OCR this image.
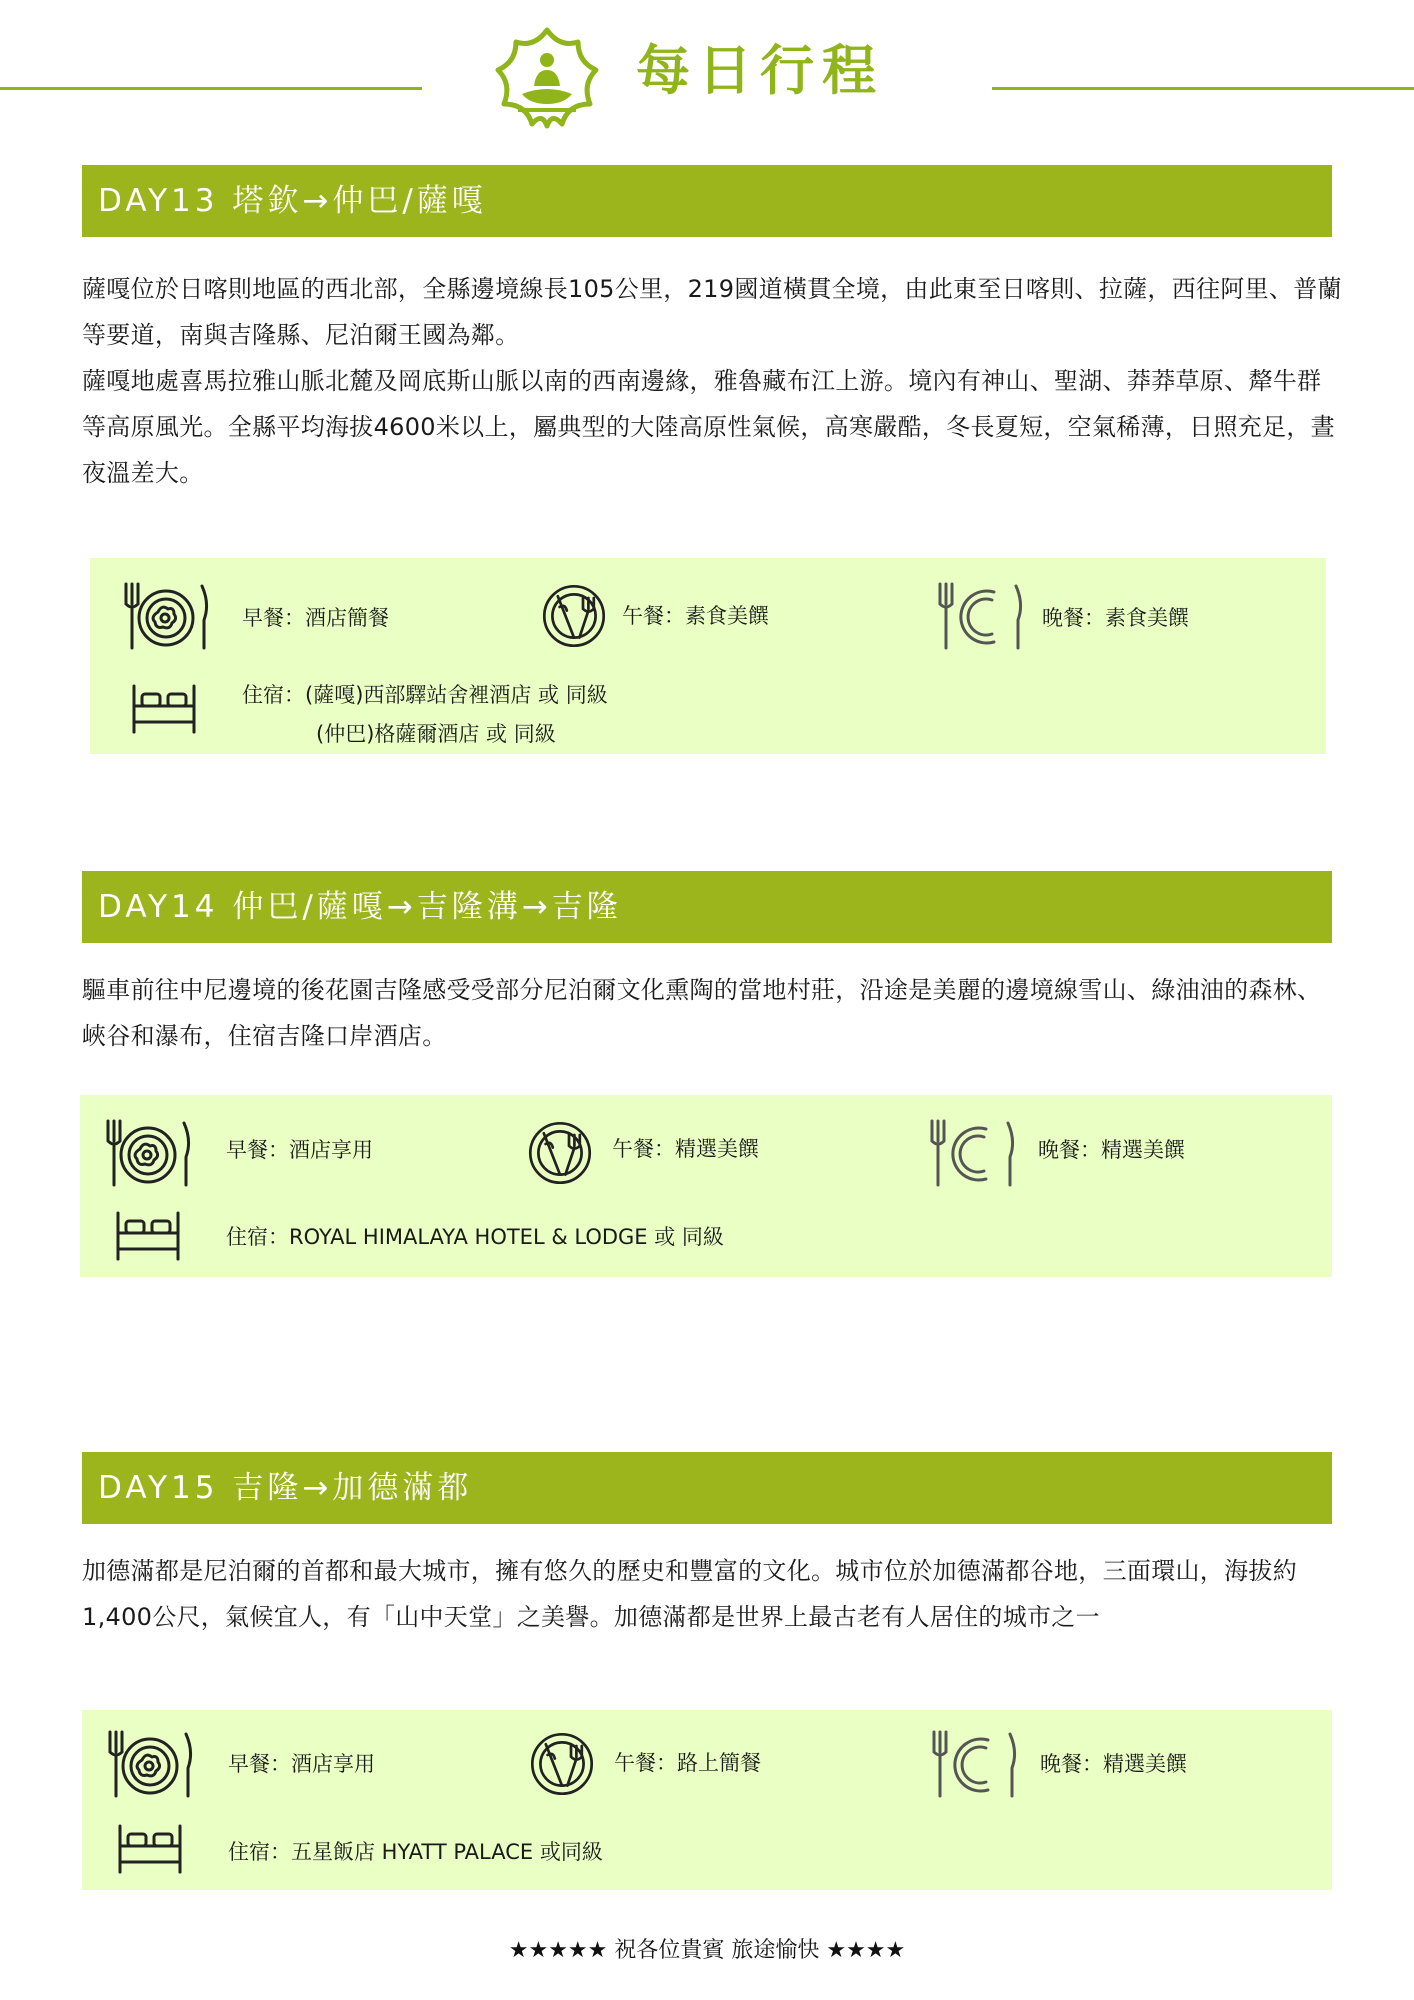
每日行程
DAY13 塔欽→仲巴/薩嘎

薩嘎位於日喀則地區的西北部，全縣邊境線長105公里，219國道橫貫全境，由此東至日喀則、拉薩，西往阿里、普蘭等要道，南與吉隆縣、尼泊爾王國為鄰。

薩嘎地處喜馬拉雅山脈北麓及岡底斯山脈以南的西南邊緣，雅魯藏布江上游。境內有神山、聖湖、莽莽草原、犛牛群等高原風光。全縣平均海拔4600米以上，屬典型的大陸高原性氣候，高寒嚴酷，冬長夏短，空氣稀薄，日照充足，晝夜溫差大。

早餐：酒店簡餐	午餐：素食美饌	晚餐：素食美饌
住宿：(薩嘎)西部驛站舍裡酒店 或 同級
(仲巴)格薩爾酒店 或 同級
DAY14 仲巴/薩嘎→吉隆溝→吉隆

驅車前往中尼邊境的後花園吉隆感受受部分尼泊爾文化熏陶的當地村莊，沿途是美麗的邊境線雪山、綠油油的森林、峽谷和瀑布，住宿吉隆口岸酒店。

早餐：酒店享用	午餐：精選美饌	晚餐：精選美饌
住宿：ROYAL HIMALAYA HOTEL & LODGE 或 同級
DAY15 吉隆→加德滿都

加德滿都是尼泊爾的首都和最大城市，擁有悠久的歷史和豐富的文化。城市位於加德滿都谷地，三面環山，海拔約1,400公尺，氣候宜人，有「山中天堂」之美譽。加德滿都是世界上最古老有人居住的城市之一

早餐：酒店享用	午餐：路上簡餐	晚餐：精選美饌
住宿：五星飯店 HYATT PALACE 或同級
★★★★★ 祝各位貴賓 旅途愉快 ★★★★
